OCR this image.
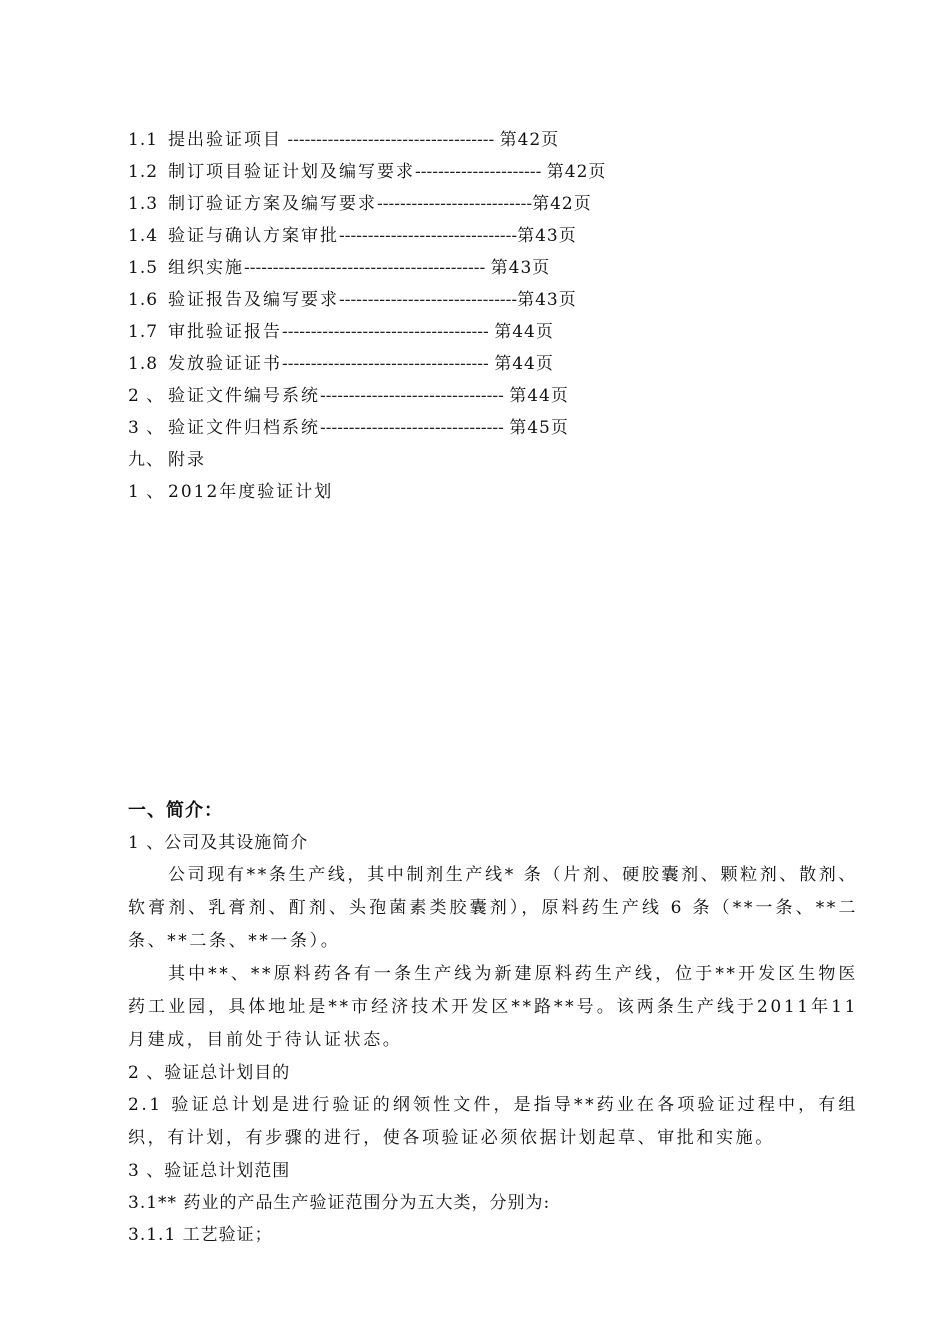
1.1 提出验证项目 ------------------------------------ 第42页
1.2 制订项目验证计划及编写要求---------------------- 第42页
1.3 制订验证方案及编写要求---------------------------第42页
1.4 验证与确认方案审批-------------------------------第43页
1.5 组织实施------------------------------------------ 第43页
1.6 验证报告及编写要求-------------------------------第43页
1.7 审批验证报告------------------------------------ 第44页
1.8 发放验证证书------------------------------------ 第44页
2 、 验证文件编号系统-------------------------------- 第44页
3 、 验证文件归档系统-------------------------------- 第45页
九、 附录
1 、 2012年度验证计划
一、简介：
1 、公司及其设施简介
公司现有**条生产线，其中制剂生产线* 条（片剂、硬胶囊剂、颗粒剂、散剂、软膏剂、乳膏剂、酊剂、头孢菌素类胶囊剂），原料药生产线 6 条（**一条、**二条、**二条、**一条）。
其中**、**原料药各有一条生产线为新建原料药生产线，位于**开发区生物医药工业园，具体地址是**市经济技术开发区**路**号。该两条生产线于2011年11月建成，目前处于待认证状态。
2 、验证总计划目的
2.1 验证总计划是进行验证的纲领性文件，是指导**药业在各项验证过程中，有组织，有计划，有步骤的进行，使各项验证必须依据计划起草、审批和实施。
3 、验证总计划范围
3.1** 药业的产品生产验证范围分为五大类，分别为:
3.1.1 工艺验证；
